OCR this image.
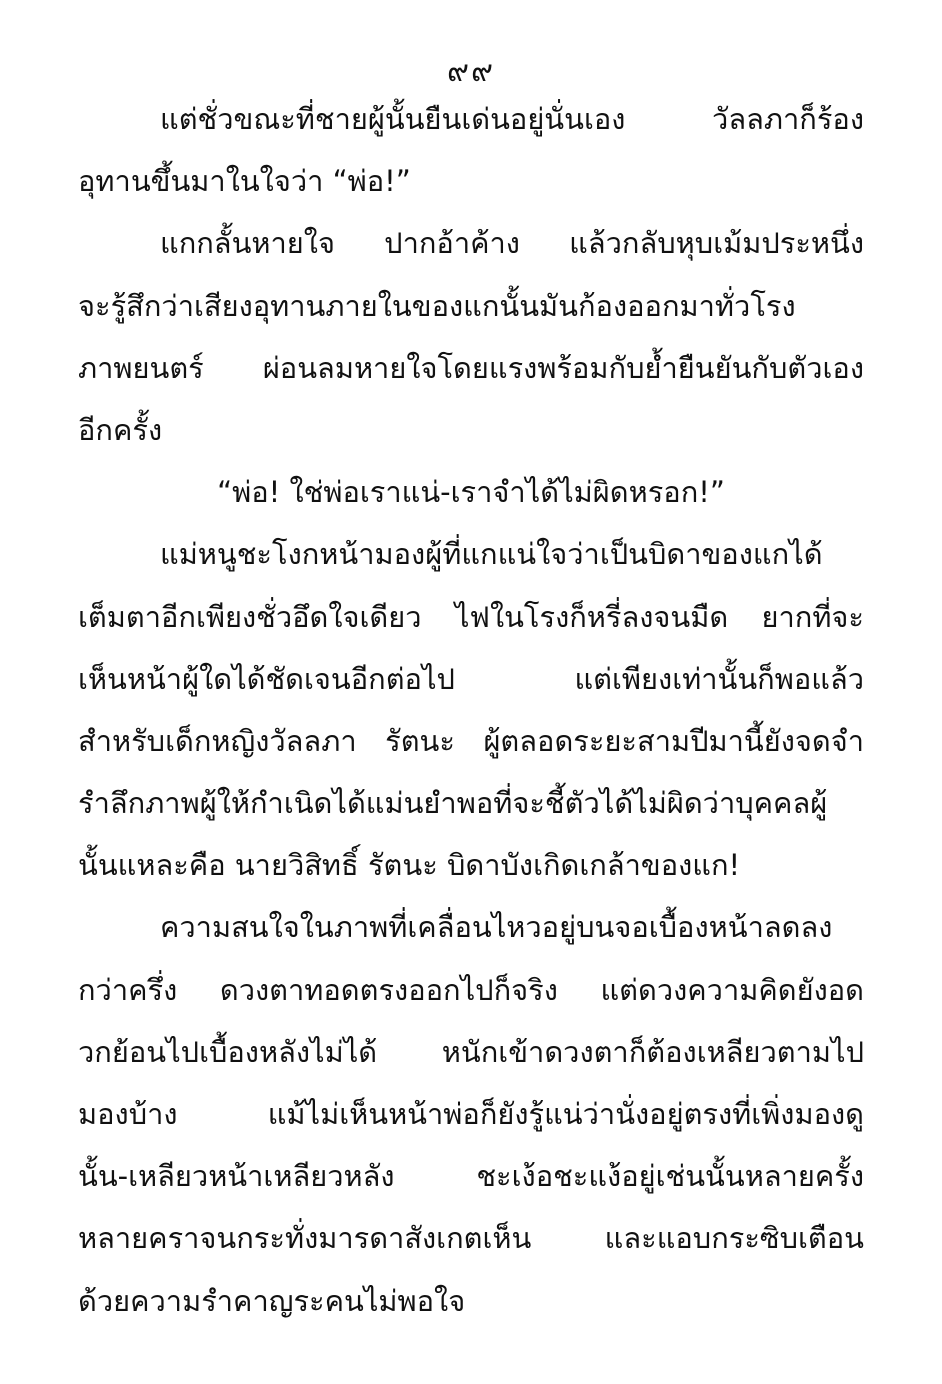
๙๙
แต่ชั่วขณะที่ชายผู้นั้นยืนเด่นอยู่นั่นเอง วัลลภาก็ร้อง
อุทานขึ้นมาในใจว่า “พ่อ!”
แกกลั้นหายใจ ปากอ้าค้าง แล้วกลับหุบเม้มประหนึ่ง
จะรู้สึกว่าเสียงอุทานภายในของแกนั้นมันก้องออกมาทั่วโรง
ภาพยนตร์ ผ่อนลมหายใจโดยแรงพร้อมกับย้ำยืนยันกับตัวเอง
อีกครั้ง
“พ่อ! ใช่พ่อเราแน่-เราจำได้ไม่ผิดหรอก!”
แม่หนูชะโงกหน้ามองผู้ที่แกแน่ใจว่าเป็นบิดาของแกได้
เต็มตาอีกเพียงชั่วอึดใจเดียว ไฟในโรงก็หรี่ลงจนมืด ยากที่จะ
เห็นหน้าผู้ใดได้ชัดเจนอีกต่อไป แต่เพียงเท่านั้นก็พอแล้ว
สำหรับเด็กหญิงวัลลภา รัตนะ ผู้ตลอดระยะสามปีมานี้ยังจดจำ
รำลึกภาพผู้ให้กำเนิดได้แม่นยำพอที่จะชี้ตัวได้ไม่ผิดว่าบุคคลผู้
นั้นแหละคือ นายวิสิทธิ์ รัตนะ บิดาบังเกิดเกล้าของแก!
ความสนใจในภาพที่เคลื่อนไหวอยู่บนจอเบื้องหน้าลดลง
กว่าครึ่ง ดวงตาทอดตรงออกไปก็จริง แต่ดวงความคิดยังอด
วกย้อนไปเบื้องหลังไม่ได้ หนักเข้าดวงตาก็ต้องเหลียวตามไป
มองบ้าง แม้ไม่เห็นหน้าพ่อก็ยังรู้แน่ว่านั่งอยู่ตรงที่เพิ่งมองดู
นั้น-เหลียวหน้าเหลียวหลัง ชะเง้อชะแง้อยู่เช่นนั้นหลายครั้ง
หลายคราจนกระทั่งมารดาสังเกตเห็น และแอบกระซิบเตือน
ด้วยความรำคาญระคนไม่พอใจ
